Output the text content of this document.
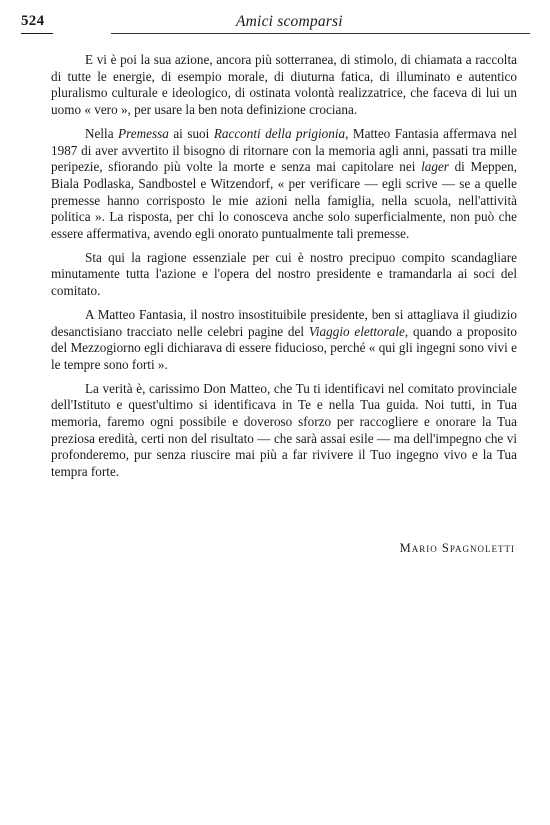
524	Amici scomparsi

E vi è poi la sua azione, ancora più sotterranea, di stimolo, di chiamata a raccolta di tutte le energie, di esempio morale, di diuturna fatica, di illuminato e autentico pluralismo culturale e ideologico, di ostinata volontà realizzatrice, che faceva di lui un uomo « vero », per usare la ben nota definizione crociana.

Nella Premessa ai suoi Racconti della prigionia, Matteo Fantasia affermava nel 1987 di aver avvertito il bisogno di ritornare con la memoria agli anni, passati tra mille peripezie, sfiorando più volte la morte e senza mai capitolare nei lager di Meppen, Biala Podlaska, Sandbostel e Witzendorf, « per verificare — egli scrive — se a quelle premesse hanno corrisposto le mie azioni nella famiglia, nella scuola, nell'attività politica ». La risposta, per chi lo conosceva anche solo superficialmente, non può che essere affermativa, avendo egli onorato puntualmente tali premesse.

Sta qui la ragione essenziale per cui è nostro precipuo compito scandagliare minutamente tutta l'azione e l'opera del nostro presidente e tramandarla ai soci del comitato.

A Matteo Fantasia, il nostro insostituibile presidente, ben si attagliava il giudizio desanctisiano tracciato nelle celebri pagine del Viaggio elettorale, quando a proposito del Mezzogiorno egli dichiarava di essere fiducioso, perché « qui gli ingegni sono vivi e le tempre sono forti ».

La verità è, carissimo Don Matteo, che Tu ti identificavi nel comitato provinciale dell'Istituto e quest'ultimo si identificava in Te e nella Tua guida. Noi tutti, in Tua memoria, faremo ogni possibile e doveroso sforzo per raccogliere e onorare la Tua preziosa eredità, certi non del risultato — che sarà assai esile — ma dell'impegno che vi profonderemo, pur senza riuscire mai più a far rivivere il Tuo ingegno vivo e la Tua tempra forte.

Mario Spagnoletti
